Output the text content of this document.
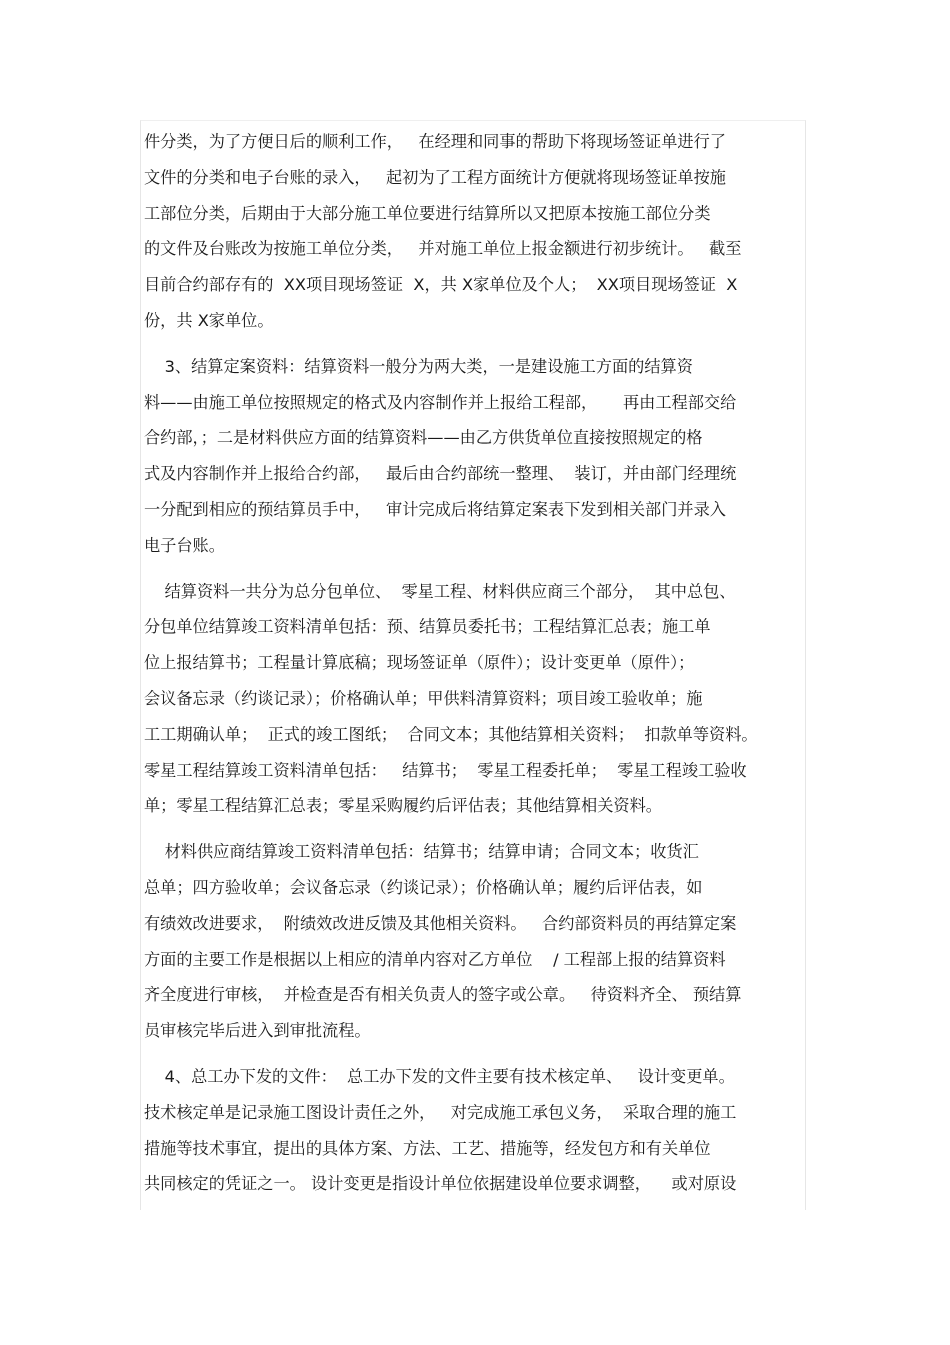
件分类，为了方便日后的顺利工作，   在经理和同事的帮助下将现场签证单进行了
文件的分类和电子台账的录入，   起初为了工程方面统计方便就将现场签证单按施
工部位分类，后期由于大部分施工单位要进行结算所以又把原本按施工部位分类
的文件及台账改为按施工单位分类，   并对施工单位上报金额进行初步统计。   截至
目前合约部存有的  XX项目现场签证  X，共 X家单位及个人；  XX项目现场签证  X
份，共 X家单位。
3、结算定案资料：结算资料一般分为两大类，一是建设施工方面的结算资
料——由施工单位按照规定的格式及内容制作并上报给工程部，     再由工程部交给
合约部，；二是材料供应方面的结算资料——由乙方供货单位直接按照规定的格
式及内容制作并上报给合约部，   最后由合约部统一整理、  装订，并由部门经理统
一分配到相应的预结算员手中，   审计完成后将结算定案表下发到相关部门并录入
电子台账。
结算资料一共分为总分包单位、  零星工程、材料供应商三个部分，  其中总包、
分包单位结算竣工资料清单包括：预、结算员委托书；工程结算汇总表；施工单
位上报结算书；工程量计算底稿；现场签证单（原件）；设计变更单（原件）；
会议备忘录（约谈记录）；价格确认单；甲供料清算资料；项目竣工验收单；施
工工期确认单；  正式的竣工图纸；  合同文本；其他结算相关资料；  扣款单等资料。
零星工程结算竣工资料清单包括：   结算书；  零星工程委托单；  零星工程竣工验收
单；零星工程结算汇总表；零星采购履约后评估表；其他结算相关资料。
材料供应商结算竣工资料清单包括：结算书；结算申请；合同文本；收货汇
总单；四方验收单；会议备忘录（约谈记录）；价格确认单；履约后评估表，如
有绩效改进要求，  附绩效改进反馈及其他相关资料。   合约部资料员的再结算定案
方面的主要工作是根据以上相应的清单内容对乙方单位    / 工程部上报的结算资料
齐全度进行审核，  并检查是否有相关负责人的签字或公章。   待资料齐全、 预结算
员审核完毕后进入到审批流程。
4、总工办下发的文件：  总工办下发的文件主要有技术核定单、   设计变更单。
技术核定单是记录施工图设计责任之外，   对完成施工承包义务，  采取合理的施工
措施等技术事宜，提出的具体方案、方法、工艺、措施等，经发包方和有关单位
共同核定的凭证之一。 设计变更是指设计单位依据建设单位要求调整，    或对原设
